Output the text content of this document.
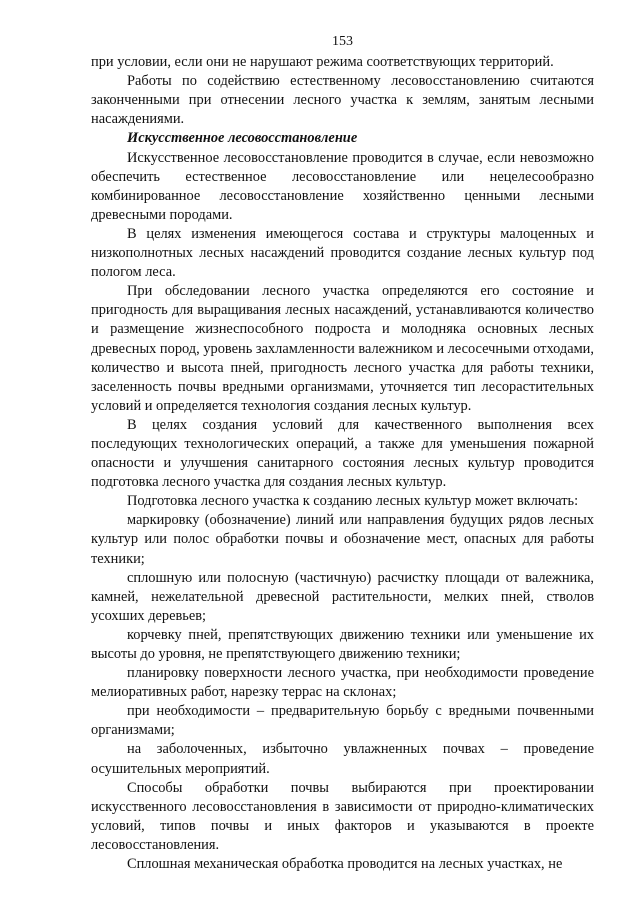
153

при условии, если они не нарушают режима соответствующих территорий.

Работы по содействию естественному лесовосстановлению считаются законченными при отнесении лесного участка к землям, занятым лесными насаждениями.

Искусственное лесовосстановление

Искусственное лесовосстановление проводится в случае, если невозможно обеспечить естественное лесовосстановление или нецелесообразно комбинированное лесовосстановление хозяйственно ценными лесными древесными породами.

В целях изменения имеющегося состава и структуры малоценных и низкополнотных лесных насаждений проводится создание лесных культур под пологом леса.

При обследовании лесного участка определяются его состояние и пригодность для выращивания лесных насаждений, устанавливаются количество и размещение жизнеспособного подроста и молодняка основных лесных древесных пород, уровень захламленности валежником и лесосечными отходами, количество и высота пней, пригодность лесного участка для работы техники, заселенность почвы вредными организмами, уточняется тип лесорастительных условий и определяется технология создания лесных культур.

В целях создания условий для качественного выполнения всех последующих технологических операций, а также для уменьшения пожарной опасности и улучшения санитарного состояния лесных культур проводится подготовка лесного участка для создания лесных культур.

Подготовка лесного участка к созданию лесных культур может включать:

маркировку (обозначение) линий или направления будущих рядов лесных культур или полос обработки почвы и обозначение мест, опасных для работы техники;

сплошную или полосную (частичную) расчистку площади от валежника, камней, нежелательной древесной растительности, мелких пней, стволов усохших деревьев;

корчевку пней, препятствующих движению техники или уменьшение их высоты до уровня, не препятствующего движению техники;

планировку поверхности лесного участка, при необходимости проведение мелиоративных работ, нарезку террас на склонах;

при необходимости – предварительную борьбу с вредными почвенными организмами;

на заболоченных, избыточно увлажненных почвах – проведение осушительных мероприятий.

Способы обработки почвы выбираются при проектировании искусственного лесовосстановления в зависимости от природно-климатических условий, типов почвы и иных факторов и указываются в проекте лесовосстановления.

Сплошная механическая обработка проводится на лесных участках, не
